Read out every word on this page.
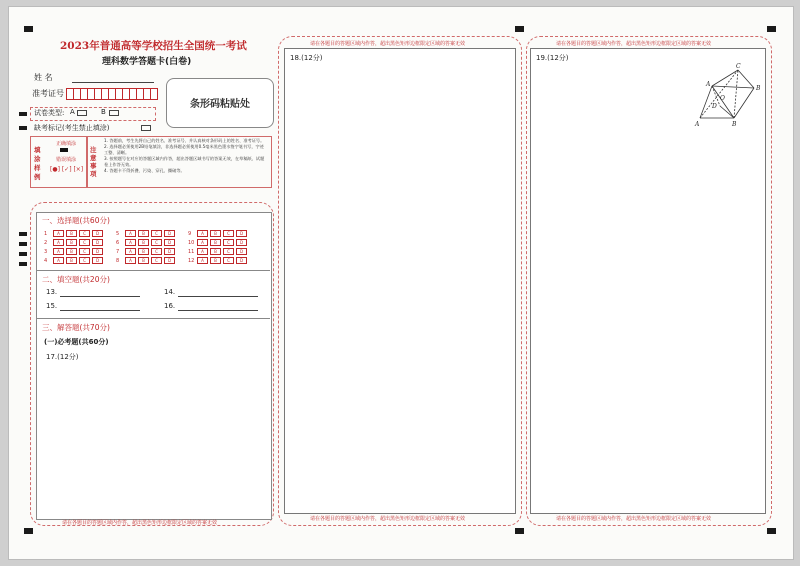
2023年普通高等学校招生全国统一考试
理科数学答题卡(白卷)
姓 名
准考证号
条形码粘贴处
试卷类型: A	B
缺考标记(考生禁止填涂)
填涂样例
正确填涂
错误填涂
[●] [✓] [×]
注意事项
1. 答题前，考生先将自己的姓名、准考证号、并认真核对条形码上的姓名、准考证号。
2. 选择题必须使用2B铅笔填涂，非选择题必须使用0.5毫米黑色墨水签字笔书写，字迹工整、清晰。
3. 按照题号在对应的答题区域内作答，超出答题区域书写的答案无效，在草稿纸、试题卷上作答无效。
4. 答题卡不得折叠、污染、穿孔、撕破等。
一、选择题(共60分)
1 A	B	C	D
2 A	B	C	D
3 A	B	C	D
4 A	B	C	D
5 A	B	C	D
6 A	B	C	D
7 A	B	C	D
8 A	B	C	D
9 A	B	C	D
10 A	B	C	D
11 A	B	C	D
12 A	B	C	D
二、填空题(共20分)
13.	14.
15.	16.
三、解答题(共70分)
(一)必考题(共60分)
17.(12分)
请在各题目的答题区域内作答，超出黑色矩形边框限定区域的答案无效
请在各题目的答题区域内作答，超出黑色矩形边框限定区域的答案无效
18.(12分)
请在各题目的答题区域内作答，超出黑色矩形边框限定区域的答案无效
请在各题目的答题区域内作答，超出黑色矩形边框限定区域的答案无效
19.(12分)
C
A
B
A	B
D
O
请在各题目的答题区域内作答，超出黑色矩形边框限定区域的答案无效
